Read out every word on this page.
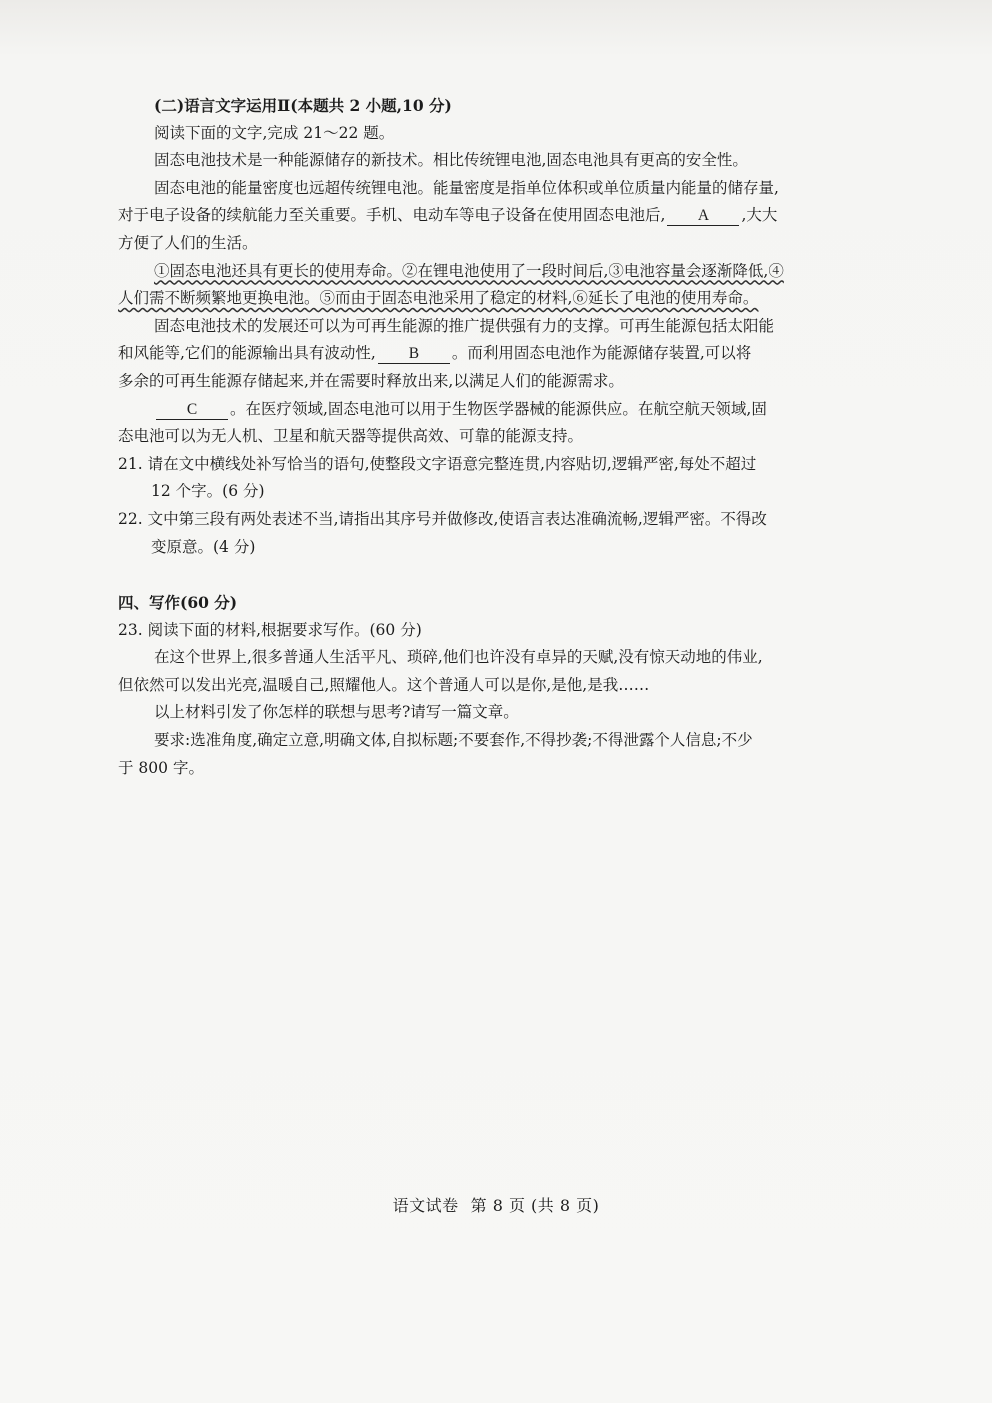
(二)语言文字运用Ⅱ(本题共 2 小题,10 分)
阅读下面的文字,完成 21～22 题。
固态电池技术是一种能源储存的新技术。相比传统锂电池,固态电池具有更高的安全性。
固态电池的能量密度也远超传统锂电池。能量密度是指单位体积或单位质量内能量的储存量,
对于电子设备的续航能力至关重要。手机、电动车等电子设备在使用固态电池后, A ,大大
方便了人们的生活。
①固态电池还具有更长的使用寿命。②在锂电池使用了一段时间后,③电池容量会逐渐降低,④
人们需不断频繁地更换电池。⑤而由于固态电池采用了稳定的材料,⑥延长了电池的使用寿命。
固态电池技术的发展还可以为可再生能源的推广提供强有力的支撑。可再生能源包括太阳能
和风能等,它们的能源输出具有波动性, B 。而利用固态电池作为能源储存装置,可以将
多余的可再生能源存储起来,并在需要时释放出来,以满足人们的能源需求。
C 。在医疗领域,固态电池可以用于生物医学器械的能源供应。在航空航天领域,固
态电池可以为无人机、卫星和航天器等提供高效、可靠的能源支持。
21. 请在文中横线处补写恰当的语句,使整段文字语意完整连贯,内容贴切,逻辑严密,每处不超过
12 个字。(6 分)
22. 文中第三段有两处表述不当,请指出其序号并做修改,使语言表达准确流畅,逻辑严密。不得改
变原意。(4 分)
四、写作(60 分)
23. 阅读下面的材料,根据要求写作。(60 分)
在这个世界上,很多普通人生活平凡、琐碎,他们也许没有卓异的天赋,没有惊天动地的伟业,
但依然可以发出光亮,温暖自己,照耀他人。这个普通人可以是你,是他,是我……
以上材料引发了你怎样的联想与思考?请写一篇文章。
要求:选准角度,确定立意,明确文体,自拟标题;不要套作,不得抄袭;不得泄露个人信息;不少
于 800 字。
语文试卷 第 8 页 (共 8 页)
